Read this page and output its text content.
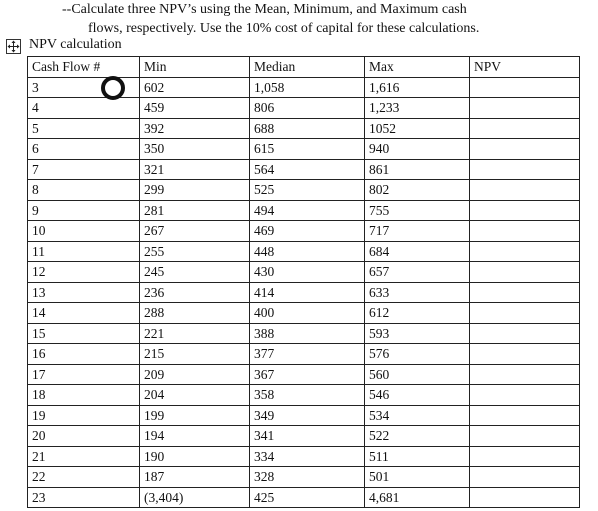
--Calculate three NPV’s using the Mean, Minimum, and Maximum cash
flows, respectively. Use the 10% cost of capital for these calculations.
NPV calculation
Cash Flow #	Min	Median	Max	NPV
3	602	1,058	1,616	
4	459	806	1,233	
5	392	688	1052	
6	350	615	940	
7	321	564	861	
8	299	525	802	
9	281	494	755	
10	267	469	717	
11	255	448	684	
12	245	430	657	
13	236	414	633	
14	288	400	612	
15	221	388	593	
16	215	377	576	
17	209	367	560	
18	204	358	546	
19	199	349	534	
20	194	341	522	
21	190	334	511	
22	187	328	501	
23	(3,404)	425	4,681	
